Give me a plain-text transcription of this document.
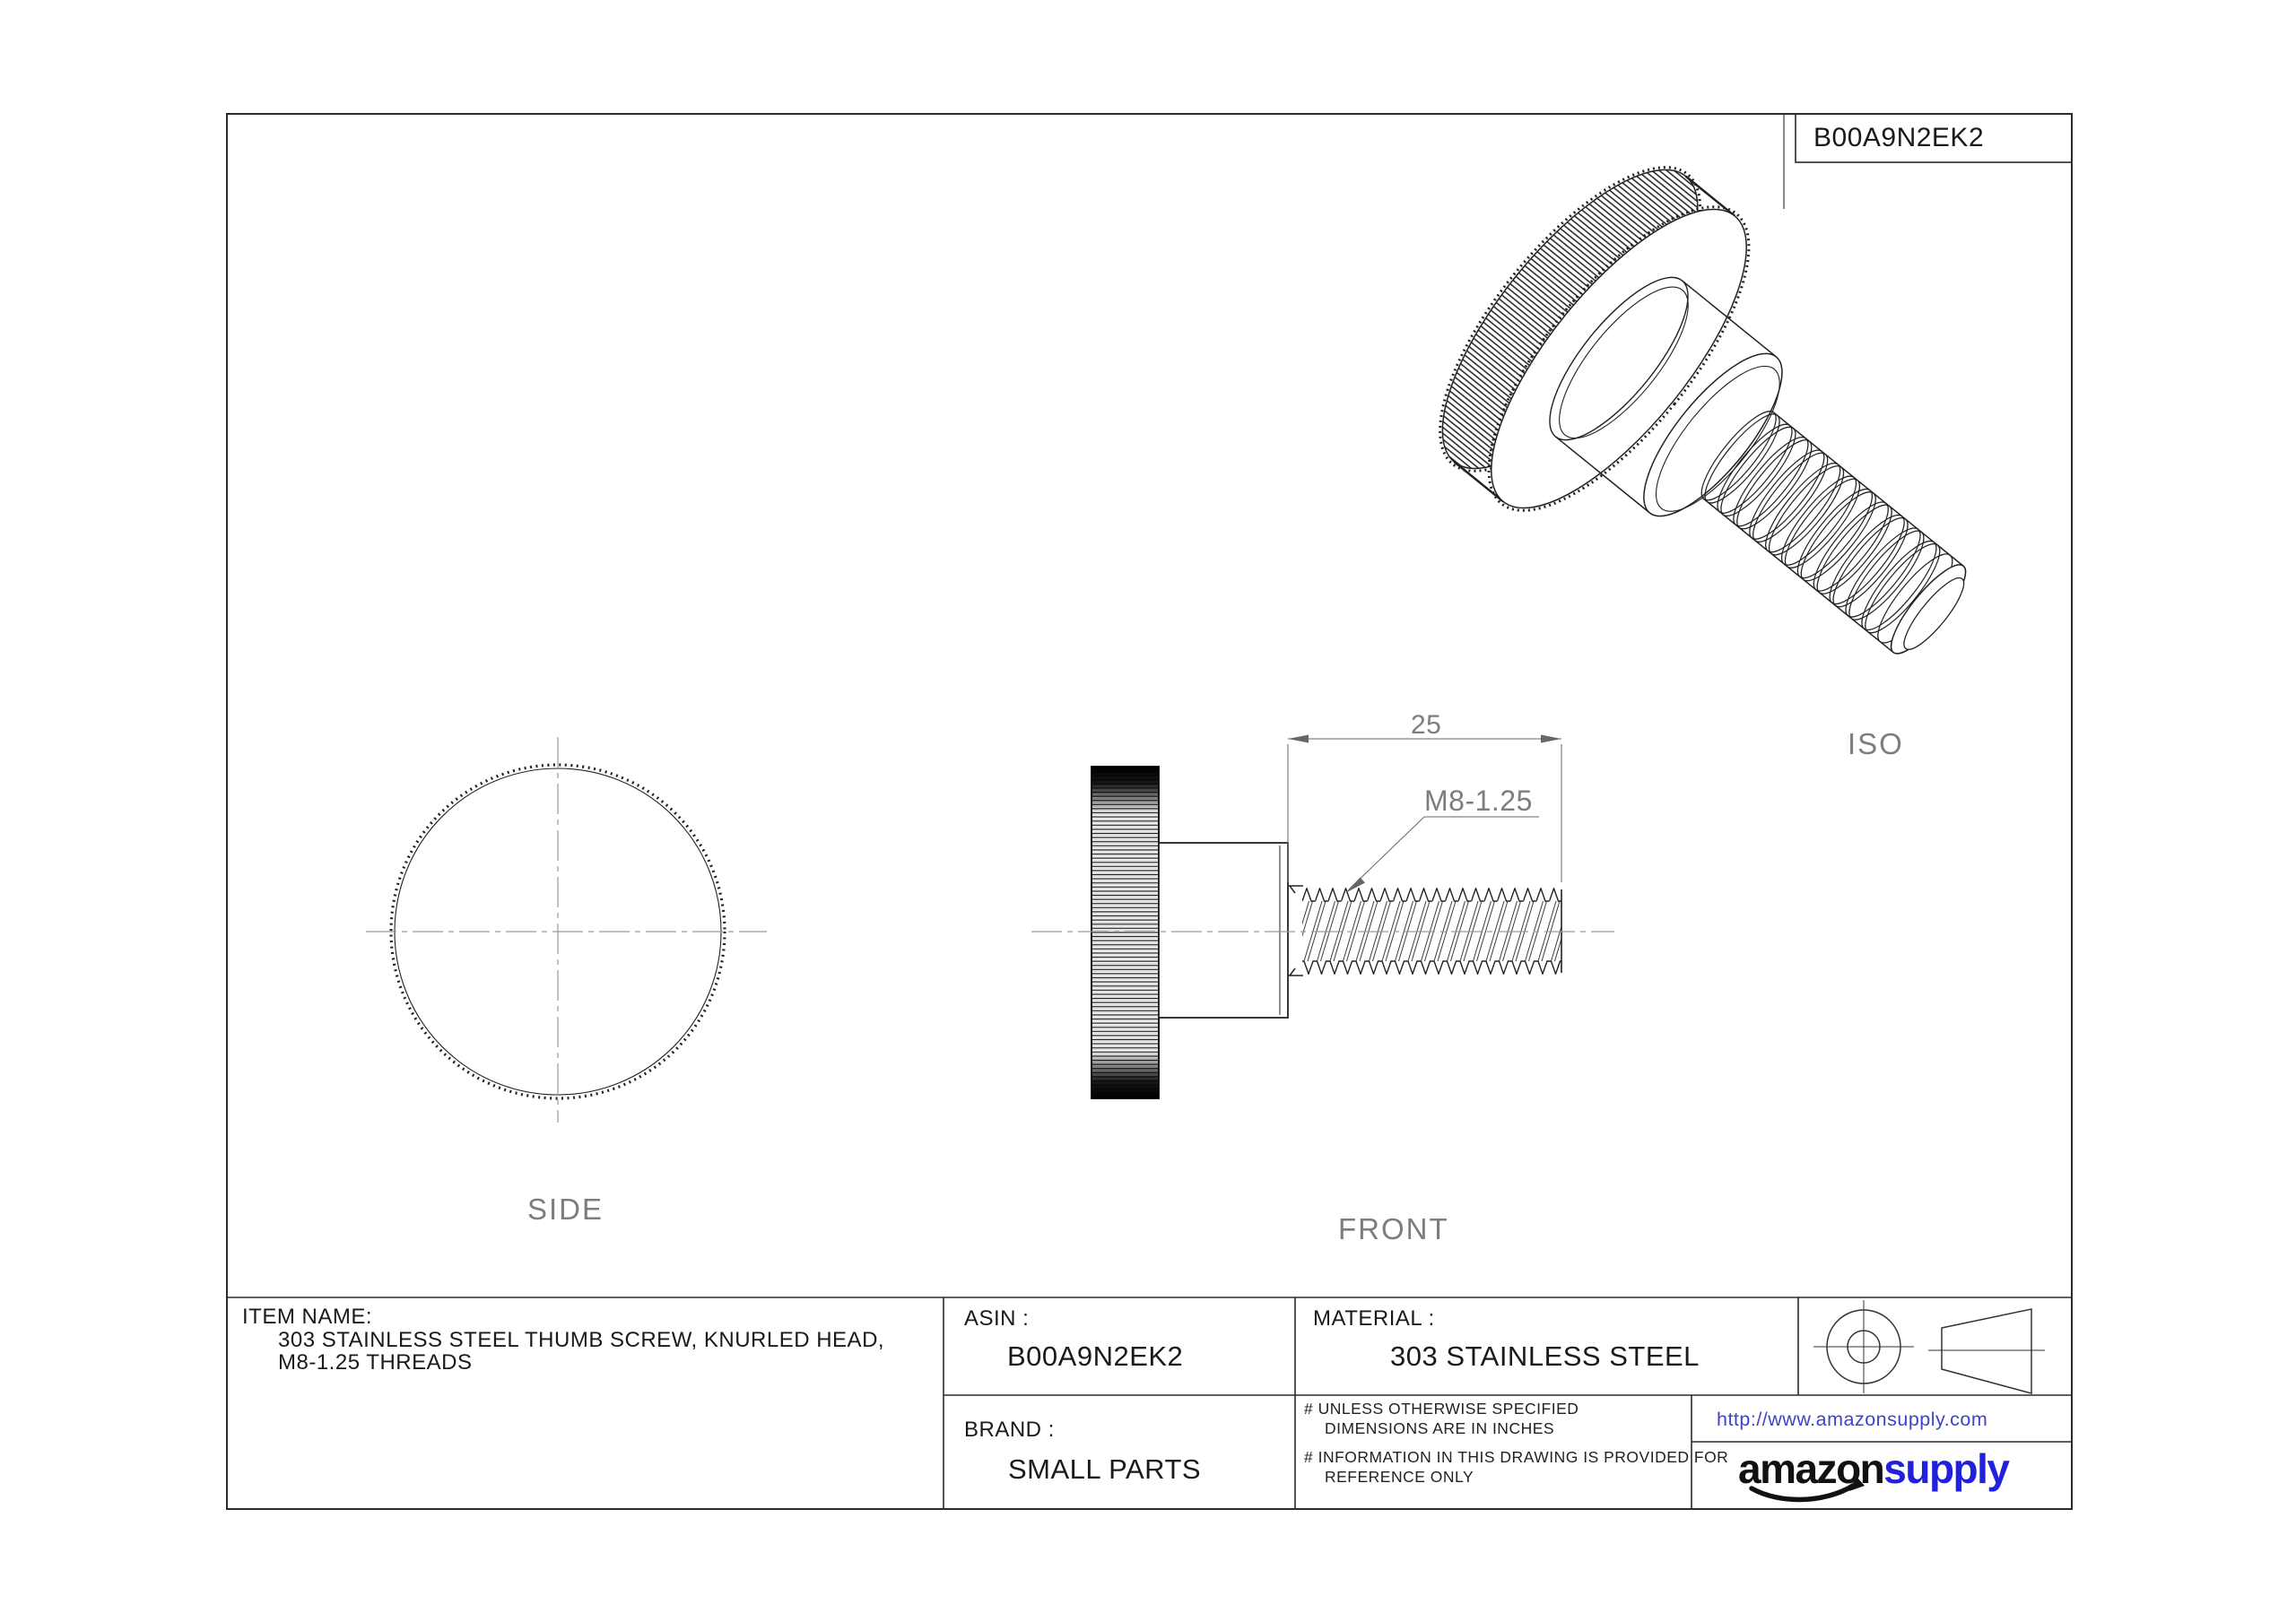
B00A9N2EK2
ISO
SIDE
FRONT
25
M8-1.25
ITEM NAME:
303 STAINLESS STEEL THUMB SCREW, KNURLED HEAD,
M8-1.25 THREADS
ASIN :
B00A9N2EK2
MATERIAL :
303 STAINLESS STEEL
BRAND :
SMALL PARTS
# UNLESS OTHERWISE SPECIFIED
DIMENSIONS ARE IN INCHES
# INFORMATION IN THIS DRAWING IS PROVIDED FOR
REFERENCE ONLY
http://www.amazonsupply.com
amazonsupply
